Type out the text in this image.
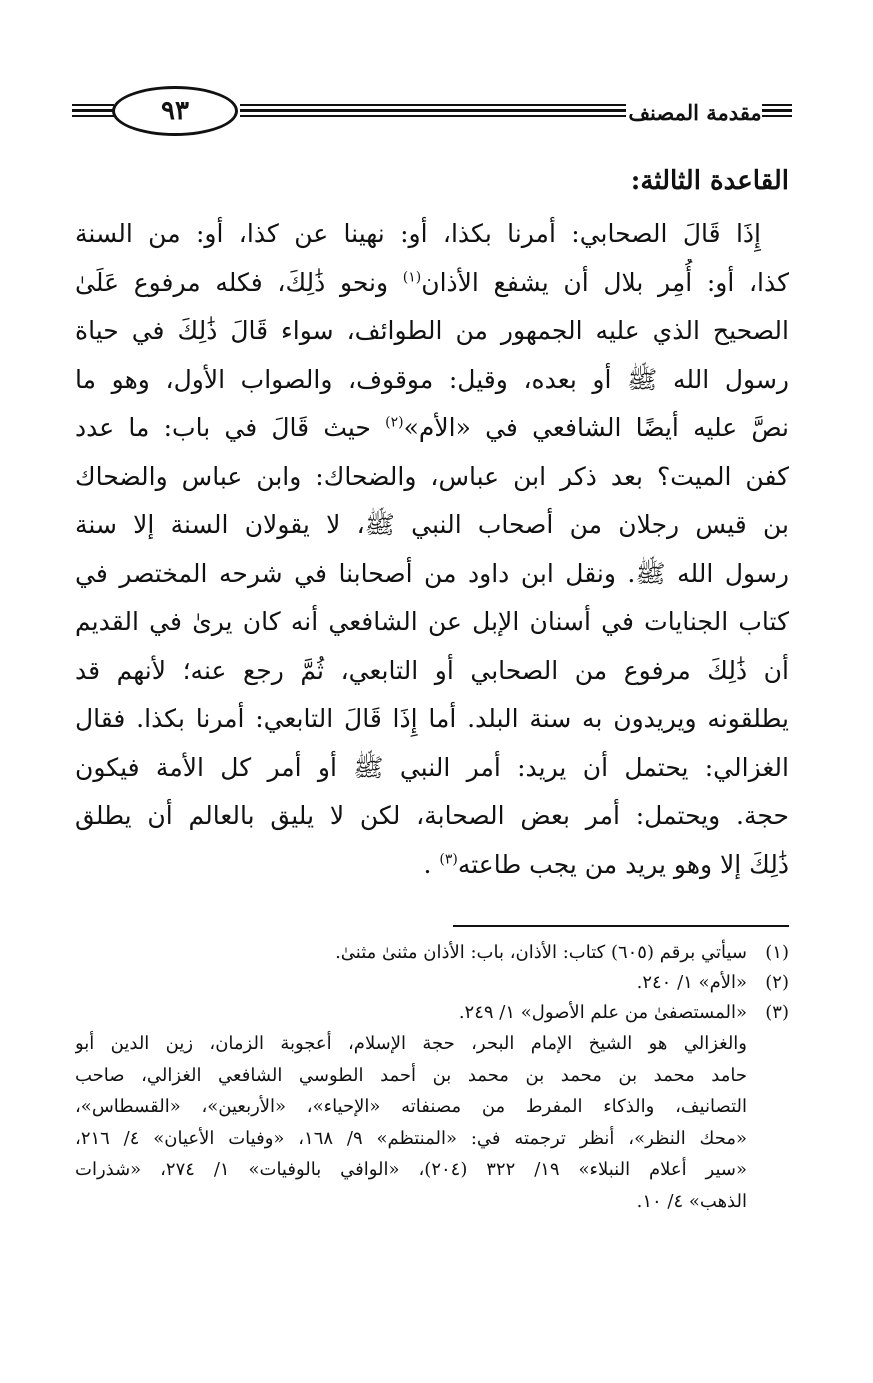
٩٣	مقدمة المصنف
القاعدة الثالثة:
إِذَا قَالَ الصحابي: أمرنا بكذا، أو: نهينا عن كذا، أو: من السنة
كذا، أو: أُمِر بلال أن يشفع الأذان$^{(١)}$ ونحو ذَٰلِكَ، فكله مرفوع عَلَىٰ
الصحيح الذي عليه الجمهور من الطوائف، سواء قَالَ ذَٰلِكَ في حياة
رسول الله ﷺ أو بعده، وقيل: موقوف، والصواب الأول، وهو ما
نصَّ عليه أيضًا الشافعي في «الأم»$^{(٢)}$ حيث قَالَ في باب: ما عدد
كفن الميت؟ بعد ذكر ابن عباس، والضحاك: وابن عباس والضحاك
بن قيس رجلان من أصحاب النبي ﷺ، لا يقولان السنة إلا سنة
رسول الله ﷺ. ونقل ابن داود من أصحابنا في شرحه المختصر في
كتاب الجنايات في أسنان الإبل عن الشافعي أنه كان يرىٰ في القديم
أن ذَٰلِكَ مرفوع من الصحابي أو التابعي، ثُمَّ رجع عنه؛ لأنهم قد
يطلقونه ويريدون به سنة البلد. أما إِذَا قَالَ التابعي: أمرنا بكذا. فقال
الغزالي: يحتمل أن يريد: أمر النبي ﷺ أو أمر كل الأمة فيكون
حجة. ويحتمل: أمر بعض الصحابة، لكن لا يليق بالعالم أن يطلق
ذَٰلِكَ إلا وهو يريد من يجب طاعته$^{(٣)}$ .
(١)
سيأتي برقم (٦٠٥) كتاب: الأذان، باب: الأذان مثنىٰ مثنىٰ.
(٢)
«الأم» ١/ ٢٤٠.
(٣)
«المستصفىٰ من علم الأصول» ١/ ٢٤٩.
والغزالي هو الشيخ الإمام البحر، حجة الإسلام، أعجوبة الزمان، زين الدين أبو
حامد محمد بن محمد بن محمد بن أحمد الطوسي الشافعي الغزالي، صاحب
التصانيف، والذكاء المفرط من مصنفاته «الإحياء»، «الأربعين»، «القسطاس»،
«محك النظر»، أنظر ترجمته في: «المنتظم» ٩/ ١٦٨، «وفيات الأعيان» ٤/ ٢١٦،
«سير أعلام النبلاء» ١٩/ ٣٢٢ (٢٠٤)، «الوافي بالوفيات» ١/ ٢٧٤، «شذرات
الذهب» ٤/ ١٠.
